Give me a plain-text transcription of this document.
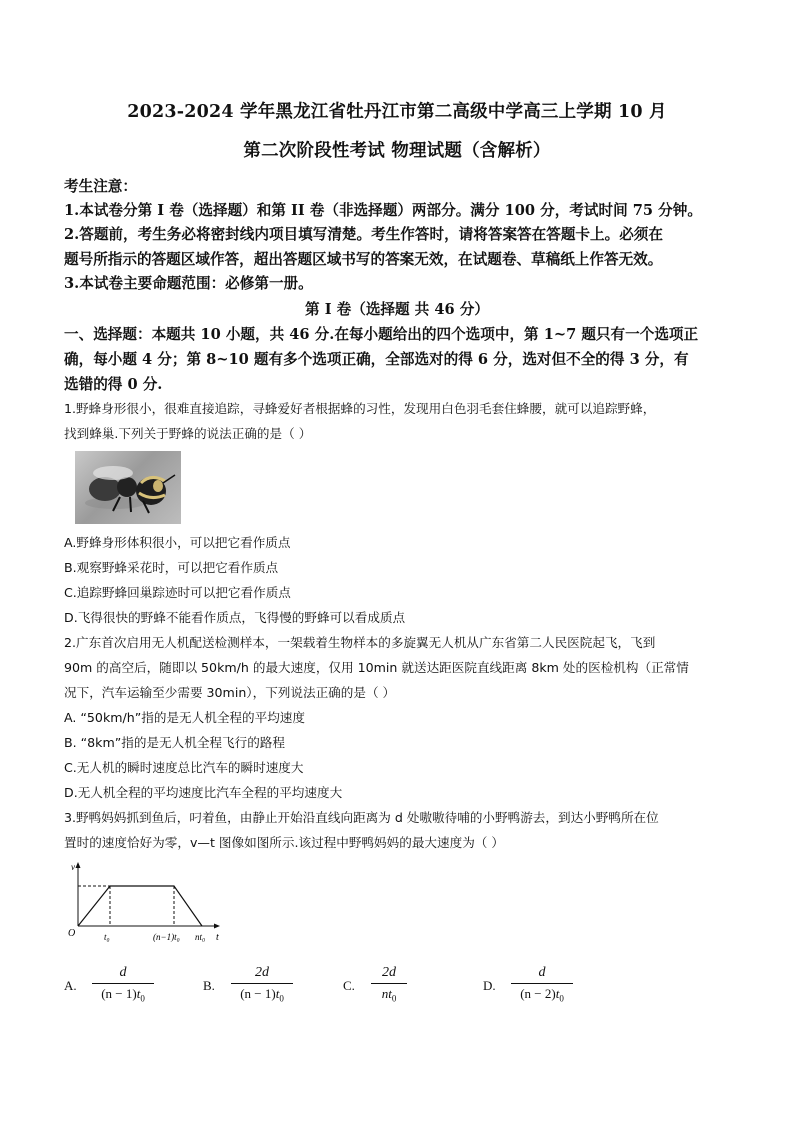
2023-2024 学年黑龙江省牡丹江市第二高级中学高三上学期 10 月
第二次阶段性考试 物理试题（含解析）
考生注意：
1.本试卷分第 I 卷（选择题）和第 II 卷（非选择题）两部分。满分 100 分，考试时间 75 分钟。
2.答题前，考生务必将密封线内项目填写清楚。考生作答时，请将答案答在答题卡上。必须在
题号所指示的答题区域作答，超出答题区域书写的答案无效，在试题卷、草稿纸上作答无效。
3.本试卷主要命题范围：必修第一册。
第 I 卷（选择题 共 46 分）
一、选择题：本题共 10 小题，共 46 分.在每小题给出的四个选项中，第 1~7 题只有一个选项正
确，每小题 4 分；第 8~10 题有多个选项正确，全部选对的得 6 分，选对但不全的得 3 分，有
选错的得 0 分.
1.野蜂身形很小，很难直接追踪，寻蜂爱好者根据蜂的习性，发现用白色羽毛套住蜂腰，就可以追踪野蜂，
找到蜂巢.下列关于野蜂的说法正确的是（ ）
A.野蜂身形体积很小，可以把它看作质点
B.观察野蜂采花时，可以把它看作质点
C.追踪野蜂回巢踪迹时可以把它看作质点
D.飞得很快的野蜂不能看作质点，飞得慢的野蜂可以看成质点
2.广东首次启用无人机配送检测样本，一架载着生物样本的多旋翼无人机从广东省第二人民医院起飞，飞到
90m 的高空后，随即以 50km/h 的最大速度，仅用 10min 就送达距医院直线距离 8km 处的医检机构（正常情
况下，汽车运输至少需要 30min），下列说法正确的是（ ）
A. “50km/h”指的是无人机全程的平均速度
B. “8km”指的是无人机全程飞行的路程
C.无人机的瞬时速度总比汽车的瞬时速度大
D.无人机全程的平均速度比汽车全程的平均速度大
3.野鸭妈妈抓到鱼后，叼着鱼，由静止开始沿直线向距离为 d 处嗷嗷待哺的小野鸭游去，到达小野鸭所在位
置时的速度恰好为零，v—t 图像如图所示.该过程中野鸭妈妈的最大速度为（ ）
v
t
O	t₀	(n−1)t₀ nt₀
A.
d
$(n - 1)t_0$
B.
2d
$(n - 1)t_0$
C.
2d
$nt_0$
D.
d
$(n - 2)t_0$
